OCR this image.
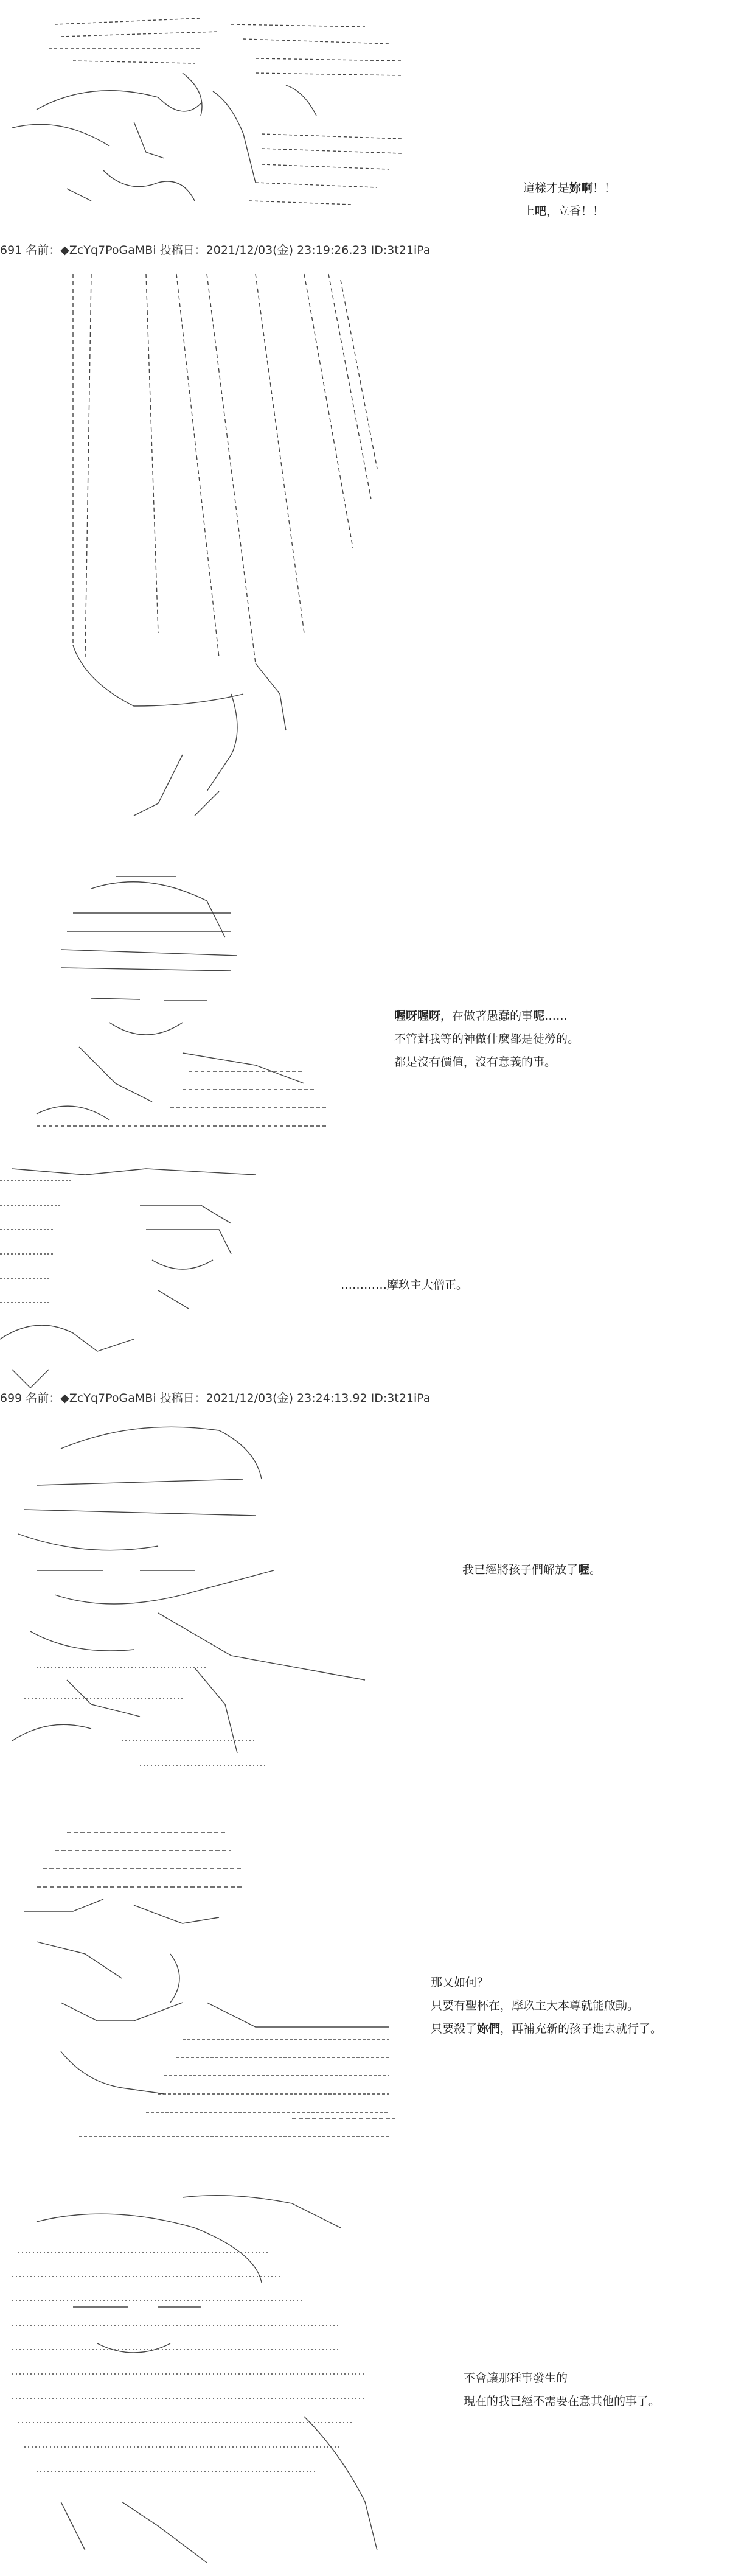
這樣才是妳啊！！
上吧，立香！！
691 名前：◆ZcYq7PoGaMBi 投稿日：2021/12/03(金) 23:19:26.23 ID:3t21iPa
喔呀喔呀，在做著愚蠢的事呢……
不管對我等的神做什麼都是徒勞的。
都是沒有價值，沒有意義的事。
…………摩玖主大僧正。
699 名前：◆ZcYq7PoGaMBi 投稿日：2021/12/03(金) 23:24:13.92 ID:3t21iPa
我已經將孩子們解放了喔。
那又如何？
只要有聖杯在，摩玖主大本尊就能啟動。
只要殺了妳們，再補充新的孩子進去就行了。
不會讓那種事發生的
現在的我已經不需要在意其他的事了。
